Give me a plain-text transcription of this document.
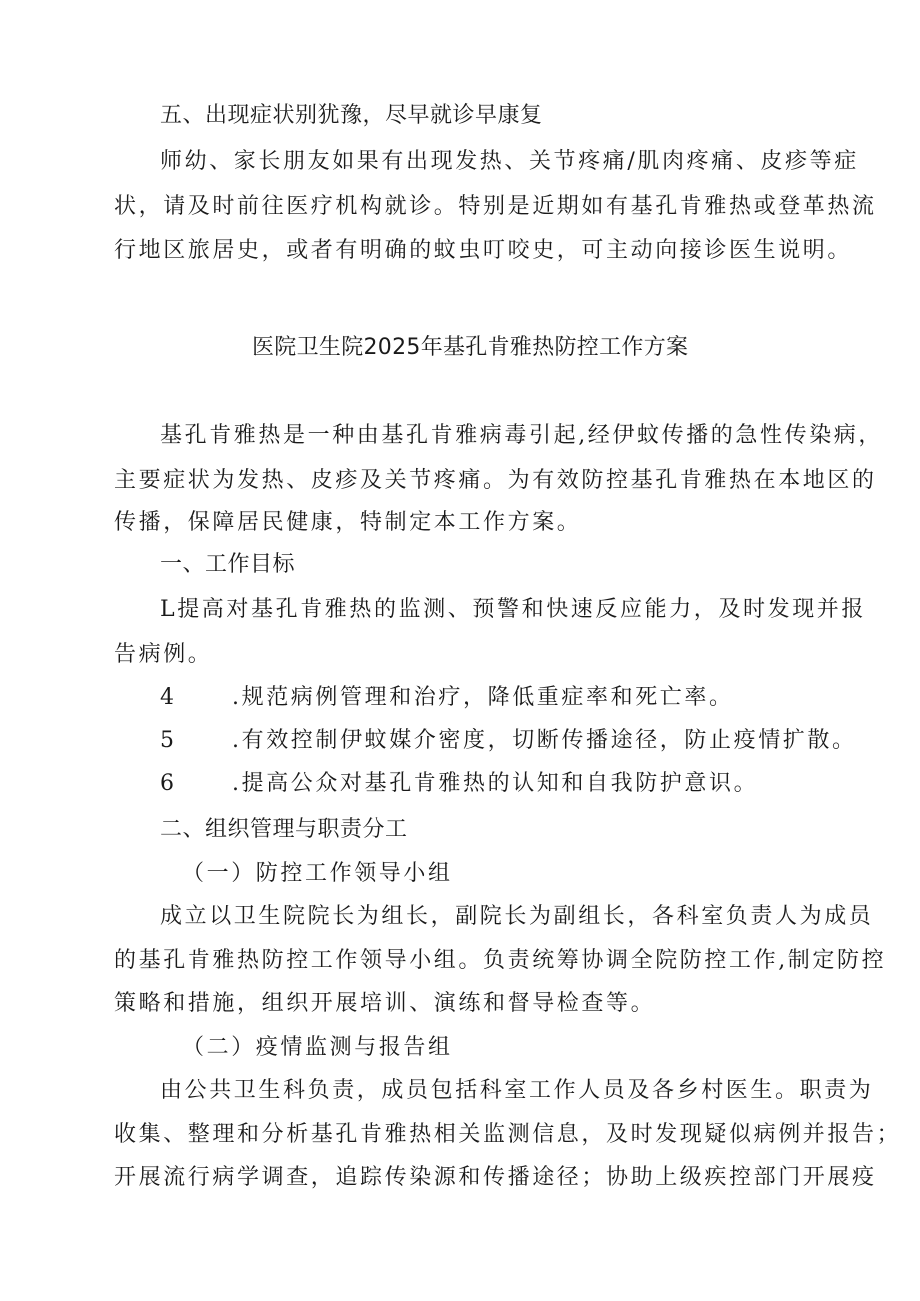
五、出现症状别犹豫，尽早就诊早康复
师幼、家长朋友如果有出现发热、关节疼痛/肌肉疼痛、皮疹等症
状，请及时前往医疗机构就诊。特别是近期如有基孔肯雅热或登革热流
行地区旅居史，或者有明确的蚊虫叮咬史，可主动向接诊医生说明。
医院卫生院2025年基孔肯雅热防控工作方案
基孔肯雅热是一种由基孔肯雅病毒引起,经伊蚊传播的急性传染病，
主要症状为发热、皮疹及关节疼痛。为有效防控基孔肯雅热在本地区的
传播，保障居民健康，特制定本工作方案。
一、工作目标
L提高对基孔肯雅热的监测、预警和快速反应能力，及时发现并报
告病例。
4	.规范病例管理和治疗，降低重症率和死亡率。
5	.有效控制伊蚊媒介密度，切断传播途径，防止疫情扩散。
6	.提高公众对基孔肯雅热的认知和自我防护意识。
二、组织管理与职责分工
（一）防控工作领导小组
成立以卫生院院长为组长，副院长为副组长，各科室负责人为成员
的基孔肯雅热防控工作领导小组。负责统筹协调全院防控工作,制定防控
策略和措施，组织开展培训、演练和督导检查等。
（二）疫情监测与报告组
由公共卫生科负责，成员包括科室工作人员及各乡村医生。职责为
收集、整理和分析基孔肯雅热相关监测信息，及时发现疑似病例并报告；
开展流行病学调查，追踪传染源和传播途径；协助上级疾控部门开展疫
